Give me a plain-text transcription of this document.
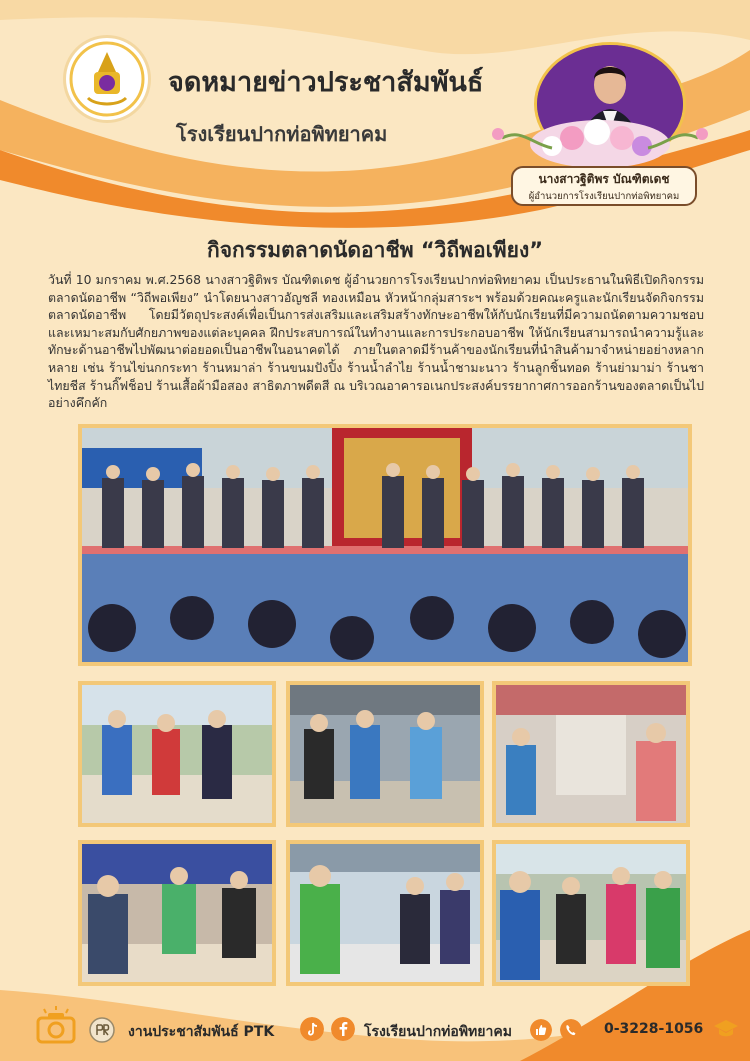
จดหมายข่าวประชาสัมพันธ์
โรงเรียนปากท่อพิทยาคม
นางสาวฐิติพร บัณฑิตเดช
ผู้อำนวยการโรงเรียนปากท่อพิทยาคม
กิจกรรมตลาดนัดอาชีพ “วิถีพอเพียง”

วันที่ 10 มกราคม พ.ศ.2568 นางสาวฐิติพร บัณฑิตเดช ผู้อำนวยการโรงเรียนปากท่อพิทยาคม เป็นประธานในพิธีเปิดกิจกรรมตลาดนัดอาชีพ “วิถีพอเพียง” นำโดยนางสาวอัญชลี ทองเหมือน หัวหน้ากลุ่มสาระฯ พร้อมด้วยคณะครูและนักเรียนจัดกิจกรรมตลาดนัดอาชีพ โดยมีวัตถุประสงค์เพื่อเป็นการส่งเสริมและเสริมสร้างทักษะอาชีพให้กับนักเรียนที่มีความถนัดตามความชอบและเหมาะสมกับศักยภาพของแต่ละบุคคล ฝึกประสบการณ์ในทำงานและการประกอบอาชีพ ให้นักเรียนสามารถนำความรู้และทักษะด้านอาชีพไปพัฒนาต่อยอดเป็นอาชีพในอนาคตได้ ภายในตลาดมีร้านค้าของนักเรียนที่นำสินค้ามาจำหน่ายอย่างหลากหลาย เช่น ร้านไข่นกกระทา ร้านหมาล่า ร้านขนมปังปิ้ง ร้านน้ำลำไย ร้านน้ำชามะนาว ร้านลูกชิ้นทอด ร้านย่ามาม่า ร้านชาไทยชีส ร้านกิ๊ฟช็อป ร้านเสื้อผ้ามือสอง สาธิตภาพดีตสี ณ บริเวณอาคารอเนกประสงค์บรรยากาศการออกร้านของตลาดเป็นไปอย่างคึกคัก

งานประชาสัมพันธ์ PTK	โรงเรียนปากท่อพิทยาคม	0-3228-1056
